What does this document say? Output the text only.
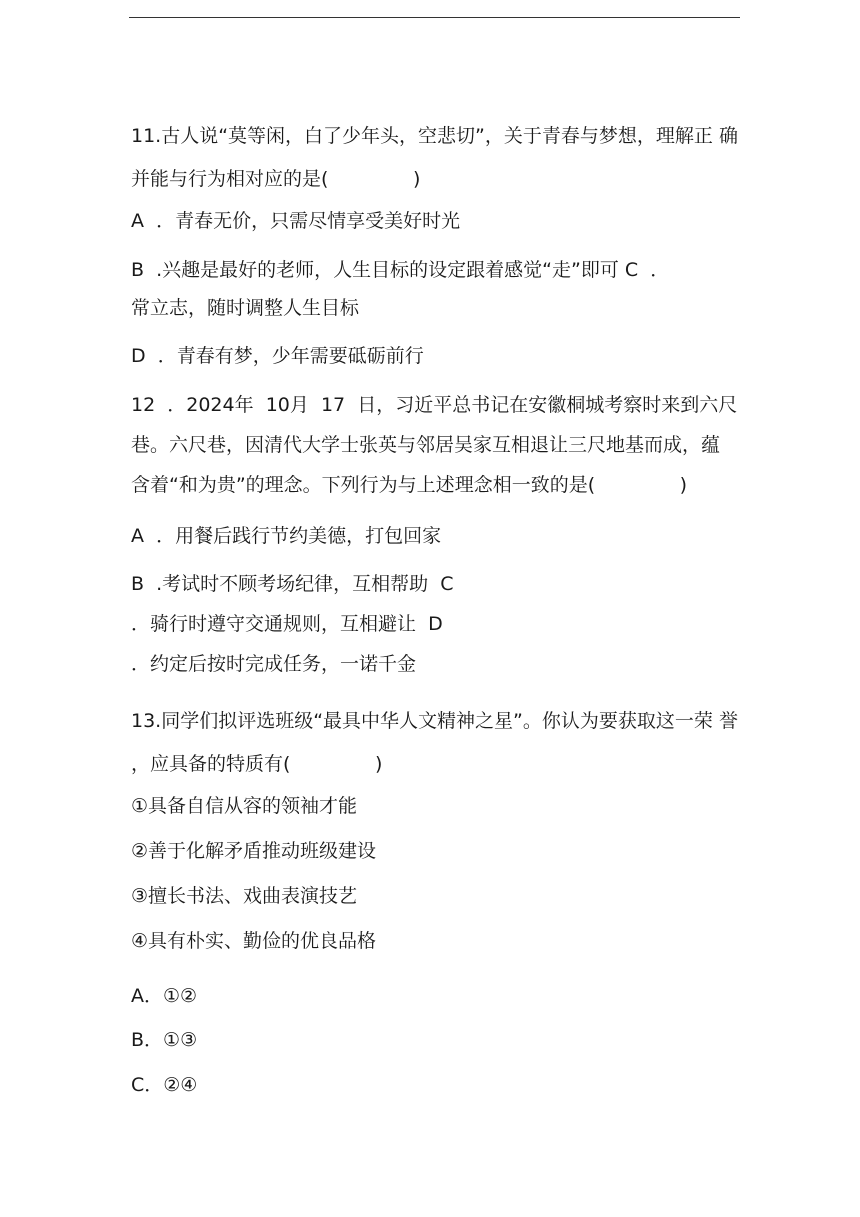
11.古人说“莫等闲，白了少年头，空悲切”，关于青春与梦想，理解正 确
并能与行为相对应的是(              )
A  ．青春无价，只需尽情享受美好时光
B  .兴趣是最好的老师，人生目标的设定跟着感觉“走”即可 C  ．
常立志，随时调整人生目标
D  ．青春有梦，少年需要砥砺前行
12  ．2024年  10月  17  日，习近平总书记在安徽桐城考察时来到六尺
巷。六尺巷，因清代大学士张英与邻居吴家互相退让三尺地基而成，蕴
含着“和为贵”的理念。下列行为与上述理念相一致的是(              )
A  ．用餐后践行节约美德，打包回家
B  .考试时不顾考场纪律，互相帮助  C
．骑行时遵守交通规则，互相避让  D
．约定后按时完成任务，一诺千金
13.同学们拟评选班级“最具中华人文精神之星”。你认为要获取这一荣 誉
，应具备的特质有(              )
①具备自信从容的领袖才能
②善于化解矛盾推动班级建设
③擅长书法、戏曲表演技艺
④具有朴实、勤俭的优良品格
A．①②
B．①③
C．②④
